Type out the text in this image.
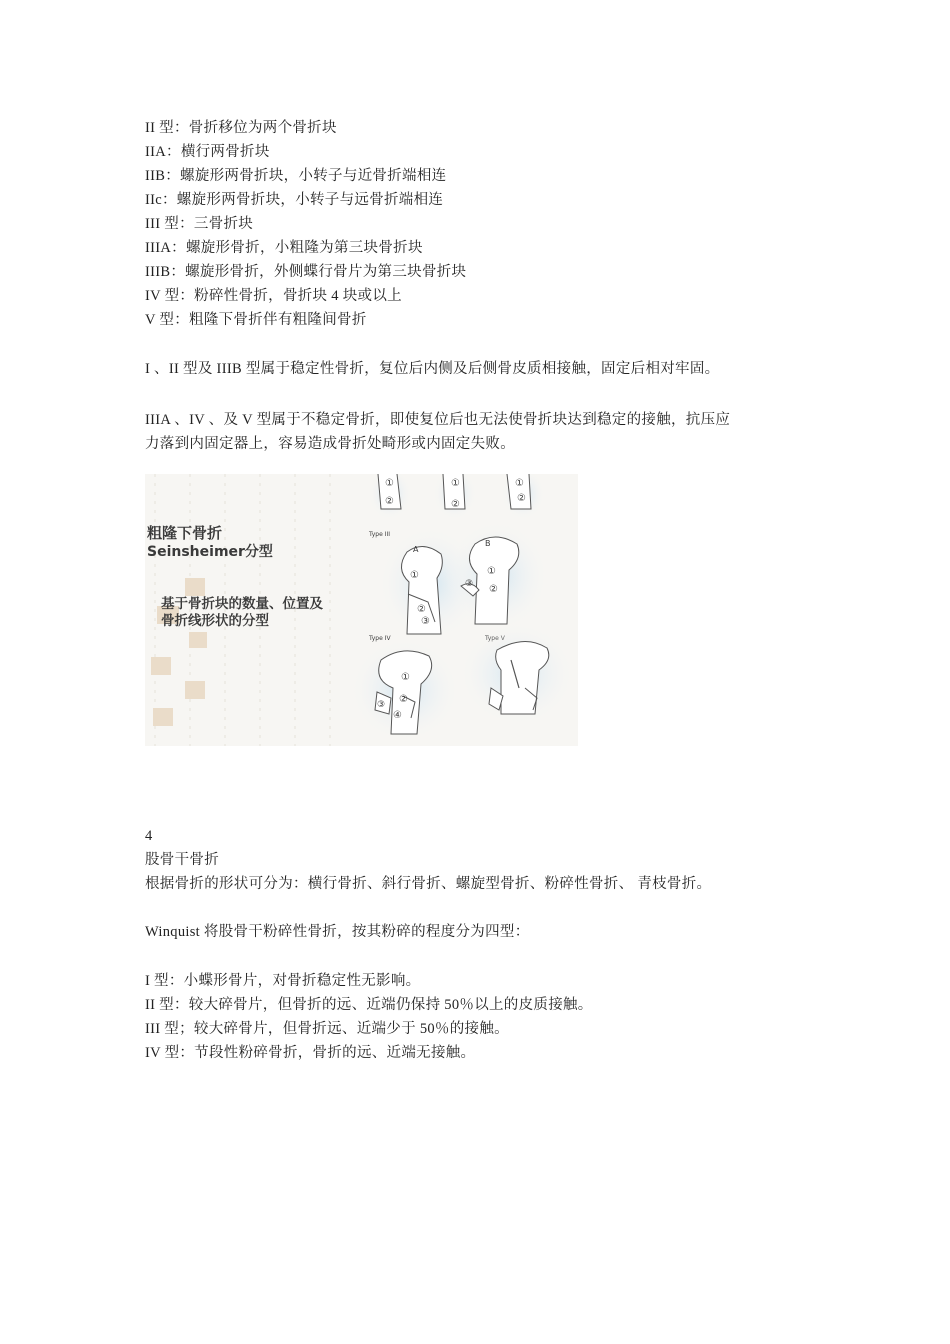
II 型：骨折移位为两个骨折块
IIA：横行两骨折块
IIB：螺旋形两骨折块，小转子与近骨折端相连
IIc：螺旋形两骨折块，小转子与远骨折端相连
III 型：三骨折块
IIIA：螺旋形骨折，小粗隆为第三块骨折块
IIIB：螺旋形骨折，外侧蝶行骨片为第三块骨折块
IV 型：粉碎性骨折，骨折块 4 块或以上
V 型：粗隆下骨折伴有粗隆间骨折
I 、II 型及 IIIB 型属于稳定性骨折，复位后内侧及后侧骨皮质相接触，固定后相对牢固。
IIIA 、IV 、及 V 型属于不稳定骨折，即使复位后也无法使骨折块达到稳定的接触，抗压应
力落到内固定器上，容易造成骨折处畸形或内固定失败。
粗隆下骨折
Seinsheimer分型
基于骨折块的数量、位置及
骨折线形状的分型
①
②
①
②
①
②
Type III
A
①
②
③
B
①
②
③
Type IV
①
②
③
④
4
股骨干骨折
根据骨折的形状可分为：横行骨折、斜行骨折、螺旋型骨折、粉碎性骨折、 青枝骨折。
Winquist 将股骨干粉碎性骨折，按其粉碎的程度分为四型：
I 型：小蝶形骨片，对骨折稳定性无影响。
II 型：较大碎骨片，但骨折的远、近端仍保持 50％以上的皮质接触。
III 型；较大碎骨片，但骨折远、近端少于 50％的接触。
IV 型：节段性粉碎骨折，骨折的远、近端无接触。
